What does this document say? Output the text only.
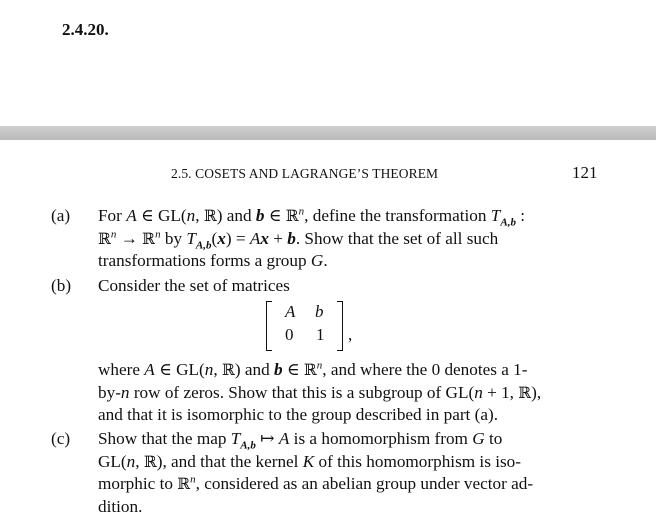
2.4.20.
2.5. COSETS AND LAGRANGE’S THEOREM	121
(a) For A ∈ GL(n, ℝ) and b ∈ ℝ$^n$, define the transformation $T_{A,b}$ :
ℝ$^n$ → ℝ$^n$ by $T_{A,b}(x) = Ax + b$. Show that the set of all such
transformations forms a group G.
(b) Consider the set of matrices
A b
0 1 ,
where A ∈ GL(n, ℝ) and b ∈ ℝ$^n$, and where the 0 denotes a 1-
by-n row of zeros. Show that this is a subgroup of GL(n + 1, ℝ),
and that it is isomorphic to the group described in part (a).
(c) Show that the map $T_{A,b}$ ↦ A is a homomorphism from G to
GL(n, ℝ), and that the kernel K of this homomorphism is iso-
morphic to ℝ$^n$, considered as an abelian group under vector ad-
dition.
